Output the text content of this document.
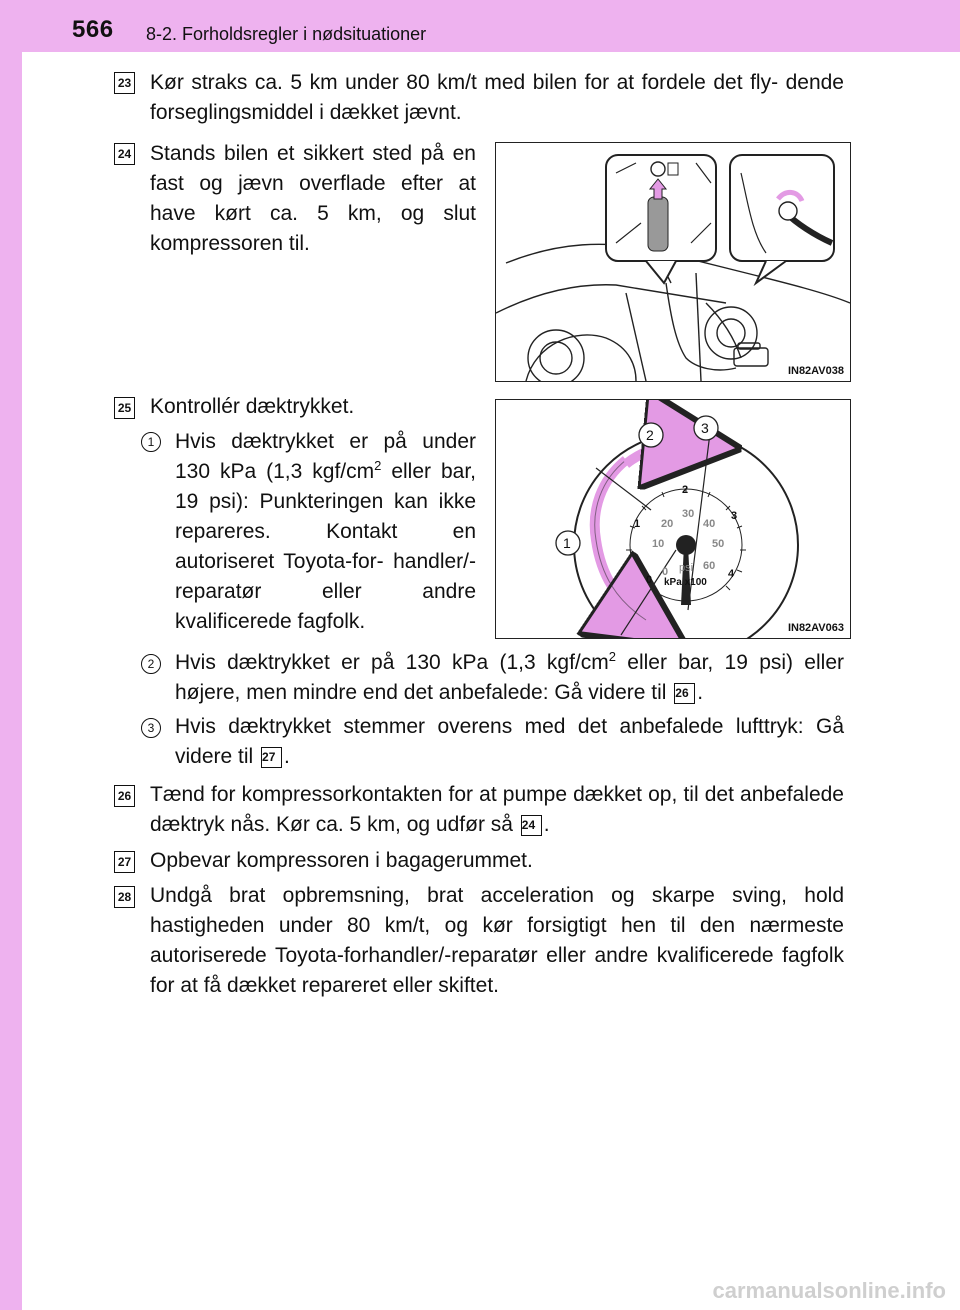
566 8-2. Forholdsregler i nødsituationer
23 Kør straks ca. 5 km under 80 km/t med bilen for at fordele det fly- dende forseglingsmiddel i dækket jævnt.
24 Stands bilen et sikkert sted på en fast og jævn overflade efter at have kørt ca. 5 km, og slut kompressoren til.
IN82AV038
25 Kontrollér dæktrykket.
1 Hvis dæktrykket er på under 130 kPa (1,3 kgf/$cm^2$ eller bar, 19 psi): Punkteringen kan ikke repareres. Kontakt en autoriseret Toyota-for- handler/-reparatør eller andre kvalificerede fagfolk.
1
2	3
0
10
20
30
40
50
60
0
1
2
3
4
psi
kPa x100
IN82AV063
2 Hvis dæktrykket er på 130 kPa (1,3 kgf/$cm^2$ eller bar, 19 psi) eller højere, men mindre end det anbefalede: Gå videre til 26 .
3 Hvis dæktrykket stemmer overens med det anbefalede lufttryk: Gå videre til 27 .
26 Tænd for kompressorkontakten for at pumpe dækket op, til det anbefalede dæktryk nås. Kør ca. 5 km, og udfør så 24 .
27 Opbevar kompressoren i bagagerummet.
28 Undgå brat opbremsning, brat acceleration og skarpe sving, hold hastigheden under 80 km/t, og kør forsigtigt hen til den nærmeste autoriserede Toyota-forhandler/-reparatør eller andre kvalificerede fagfolk for at få dækket repareret eller skiftet.
carmanualsonline.info
